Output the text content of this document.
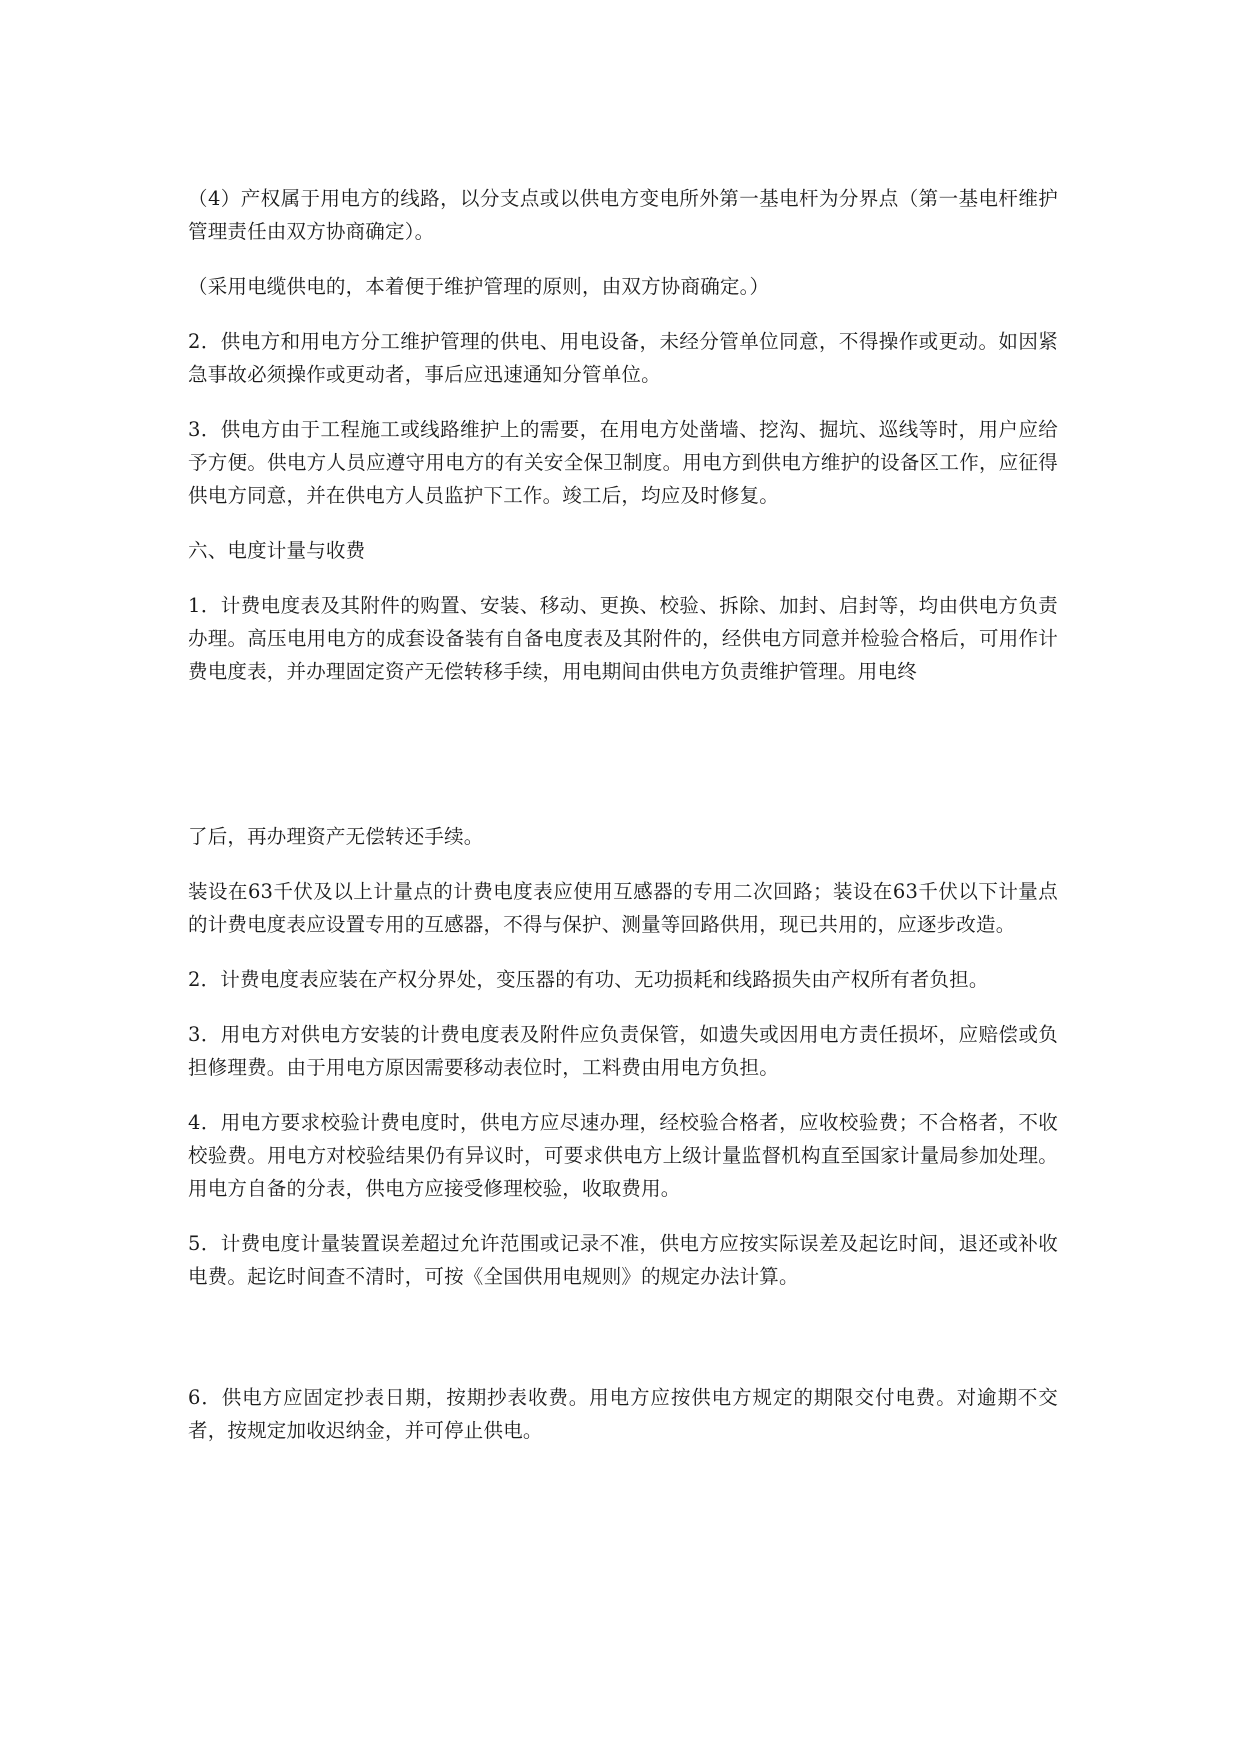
（4）产权属于用电方的线路，以分支点或以供电方变电所外第一基电杆为分界点（第一基电杆维护管理责任由双方协商确定）。

（采用电缆供电的，本着便于维护管理的原则，由双方协商确定。）

2．供电方和用电方分工维护管理的供电、用电设备，未经分管单位同意，不得操作或更动。如因紧急事故必须操作或更动者，事后应迅速通知分管单位。

3．供电方由于工程施工或线路维护上的需要，在用电方处凿墙、挖沟、掘坑、巡线等时，用户应给予方便。供电方人员应遵守用电方的有关安全保卫制度。用电方到供电方维护的设备区工作，应征得供电方同意，并在供电方人员监护下工作。竣工后，均应及时修复。

六、电度计量与收费

1．计费电度表及其附件的购置、安装、移动、更换、校验、拆除、加封、启封等，均由供电方负责办理。高压电用电方的成套设备装有自备电度表及其附件的，经供电方同意并检验合格后，可用作计费电度表，并办理固定资产无偿转移手续，用电期间由供电方负责维护管理。用电终

了后，再办理资产无偿转还手续。

装设在63千伏及以上计量点的计费电度表应使用互感器的专用二次回路；装设在63千伏以下计量点的计费电度表应设置专用的互感器，不得与保护、测量等回路供用，现已共用的，应逐步改造。

2．计费电度表应装在产权分界处，变压器的有功、无功损耗和线路损失由产权所有者负担。

3．用电方对供电方安装的计费电度表及附件应负责保管，如遗失或因用电方责任损坏，应赔偿或负担修理费。由于用电方原因需要移动表位时，工料费由用电方负担。

4．用电方要求校验计费电度时，供电方应尽速办理，经校验合格者，应收校验费；不合格者，不收校验费。用电方对校验结果仍有异议时，可要求供电方上级计量监督机构直至国家计量局参加处理。用电方自备的分表，供电方应接受修理校验，收取费用。

5．计费电度计量装置误差超过允许范围或记录不准，供电方应按实际误差及起讫时间，退还或补收电费。起讫时间查不清时，可按《全国供用电规则》的规定办法计算。

6．供电方应固定抄表日期，按期抄表收费。用电方应按供电方规定的期限交付电费。对逾期不交者，按规定加收迟纳金，并可停止供电。
